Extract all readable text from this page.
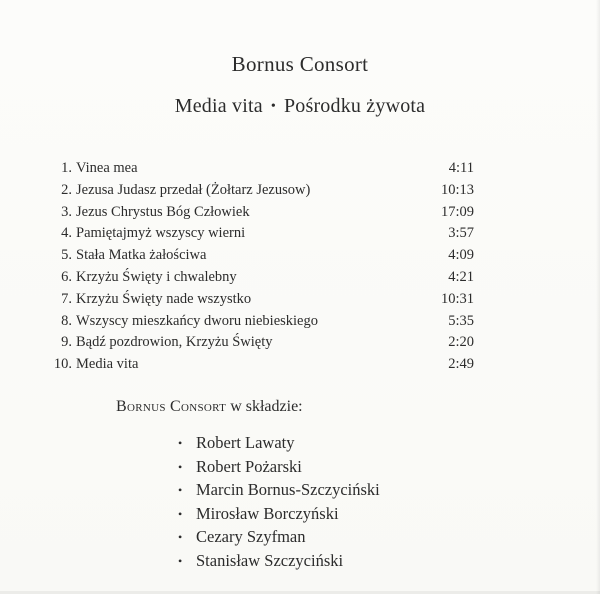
Bornus Consort
Media vita • Pośrodku żywota
1. Vinea mea	4:11
2. Jezusa Judasz przedał (Żołtarz Jezusow)	10:13
3. Jezus Chrystus Bóg Człowiek	17:09
4. Pamiętajmyż wszyscy wierni	3:57
5. Stała Matka żałościwa	4:09
6. Krzyżu Święty i chwalebny	4:21
7. Krzyżu Święty nade wszystko	10:31
8. Wszyscy mieszkańcy dworu niebieskiego	5:35
9. Bądź pozdrowion, Krzyżu Święty	2:20
10. Media vita	2:49
Bornus Consort w składzie:
• Robert Lawaty
• Robert Pożarski
• Marcin Bornus-Szczyciński
• Mirosław Borczyński
• Cezary Szyfman
• Stanisław Szczyciński
